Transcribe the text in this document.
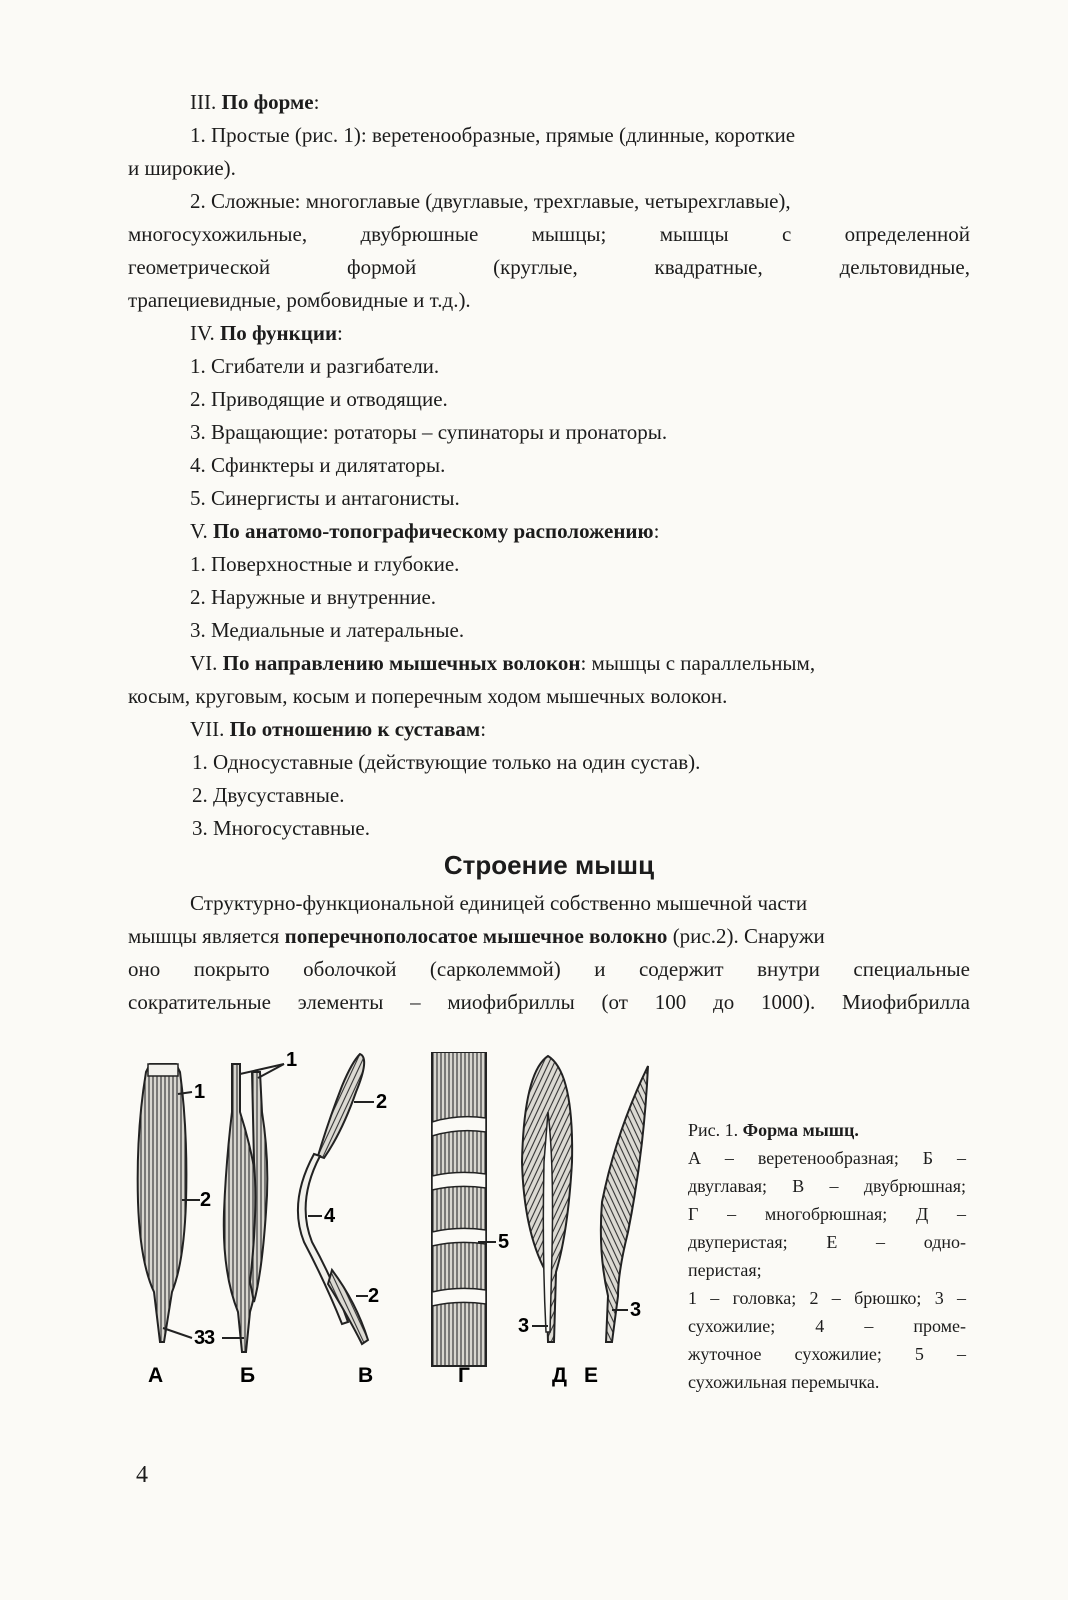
III. По форме:
1. Простые (рис. 1): веретенообразные, прямые (длинные, короткие
и широкие).
2. Сложные: многоглавые (двуглавые, трехглавые, четырехглавые),
многосухожильные, двубрюшные мышцы; мышцы с определенной
геометрической формой (круглые, квадратные, дельтовидные,
трапециевидные, ромбовидные и т.д.).
IV. По функции:
1. Сгибатели и разгибатели.
2. Приводящие и отводящие.
3. Вращающие: ротаторы – супинаторы и пронаторы.
4. Сфинктеры и дилятаторы.
5. Синергисты и антагонисты.
V. По анатомо-топографическому расположению:
1. Поверхностные и глубокие.
2. Наружные и внутренние.
3. Медиальные и латеральные.
VI. По направлению мышечных волокон: мышцы с параллельным,
косым, круговым, косым и поперечным ходом мышечных волокон.
VII. По отношению к суставам:
1. Односуставные (действующие только на один сустав).
2. Двусуставные.
3. Многосуставные.
Строение мышц
Структурно-функциональной единицей собственно мышечной части
мышцы является поперечнополосатое мышечное волокно (рис.2). Снаружи
оно покрыто оболочкой (сарколеммой) и содержит внутри специальные
сократительные элементы – миофибриллы (от 100 до 1000). Миофибрилла
1
2
3
1
3
2
4
2
5
3
3
А	Б	В	Г	Д Е
Рис. 1. Форма мышц.
А – веретенообразная; Б –
двуглавая; В – двубрюшная;
Г – многобрюшная; Д –
двуперистая; Е – одно-
перистая;
1 – головка; 2 – брюшко; 3 –
сухожилие; 4 – проме-
жуточное сухожилие; 5 –
сухожильная перемычка.
4
